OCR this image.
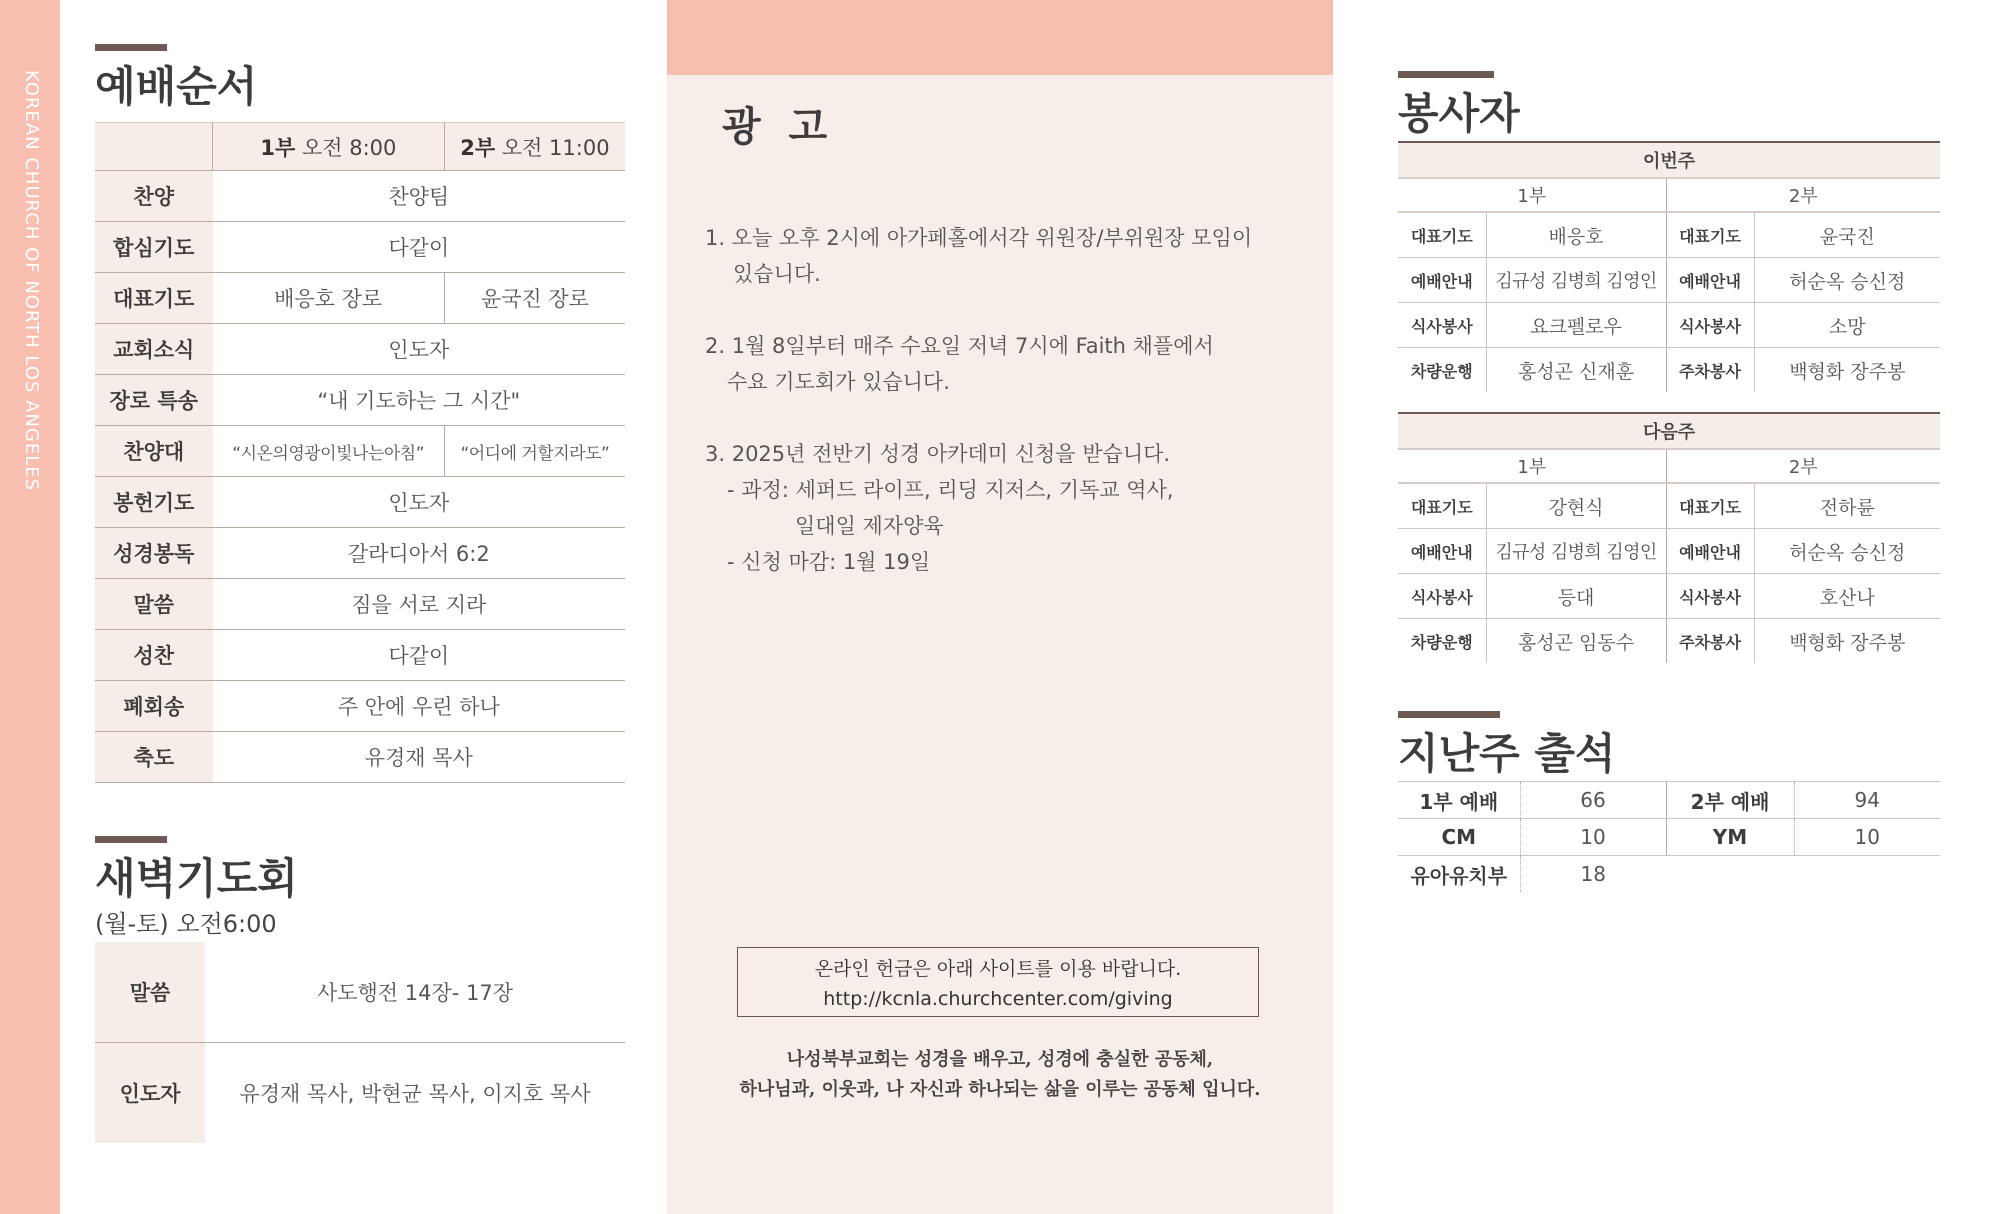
KOREAN CHURCH OF NORTH LOS ANGELES 예배순서
	1부 오전 8:00	2부 오전 11:00
찬양	찬양팀	
합심기도	다같이	
대표기도	배응호 장로	윤국진 장로
교회소식	인도자	
장로 특송	“내 기도하는 그 시간"	
찬양대	“시온의영광이빛나는아침”	“어디에 거할지라도”
봉헌기도	인도자	
성경봉독	갈라디아서 6:2	
말씀	짐을 서로 지라	
성찬	다같이	
폐회송	주 안에 우린 하나	
축도	유경재 목사	
새벽기도회
(월-토) 오전6:00
말씀	사도행전 14장- 17장
인도자	유경재 목사, 박현균 목사, 이지호 목사
광  고
1. 오늘 오후 2시에 아가페홀에서각 위원장/부위원장 모임이
있습니다.
2. 1월 8일부터 매주 수요일 저녁 7시에 Faith 채플에서
수요 기도회가 있습니다.
3. 2025년 전반기 성경 아카데미 신청을 받습니다.
- 과정: 세퍼드 라이프, 리딩 지저스, 기독교 역사,
일대일 제자양육
- 신청 마감: 1월 19일
온라인 헌금은 아래 사이트를 이용 바랍니다.
http://kcnla.churchcenter.com/giving
나성북부교회는 성경을 배우고, 성경에 충실한 공동체,
하나님과, 이웃과, 나 자신과 하나되는 삶을 이루는 공동체 입니다.
봉사자
이번주			
1부		2부	
대표기도	배응호	대표기도	윤국진
예배안내	김규성 김병희 김영인	예배안내	허순옥 승신정
식사봉사	요크펠로우	식사봉사	소망
차량운행	홍성곤 신재훈	주차봉사	백형화 장주봉
다음주			
1부		2부	
대표기도	강현식	대표기도	전하륜
예배안내	김규성 김병희 김영인	예배안내	허순옥 승신정
식사봉사	등대	식사봉사	호산나
차량운행	홍성곤 임동수	주차봉사	백형화 장주봉
지난주 출석
1부 예배	66	2부 예배	94
CM	10	YM	10
유아유치부	18		
